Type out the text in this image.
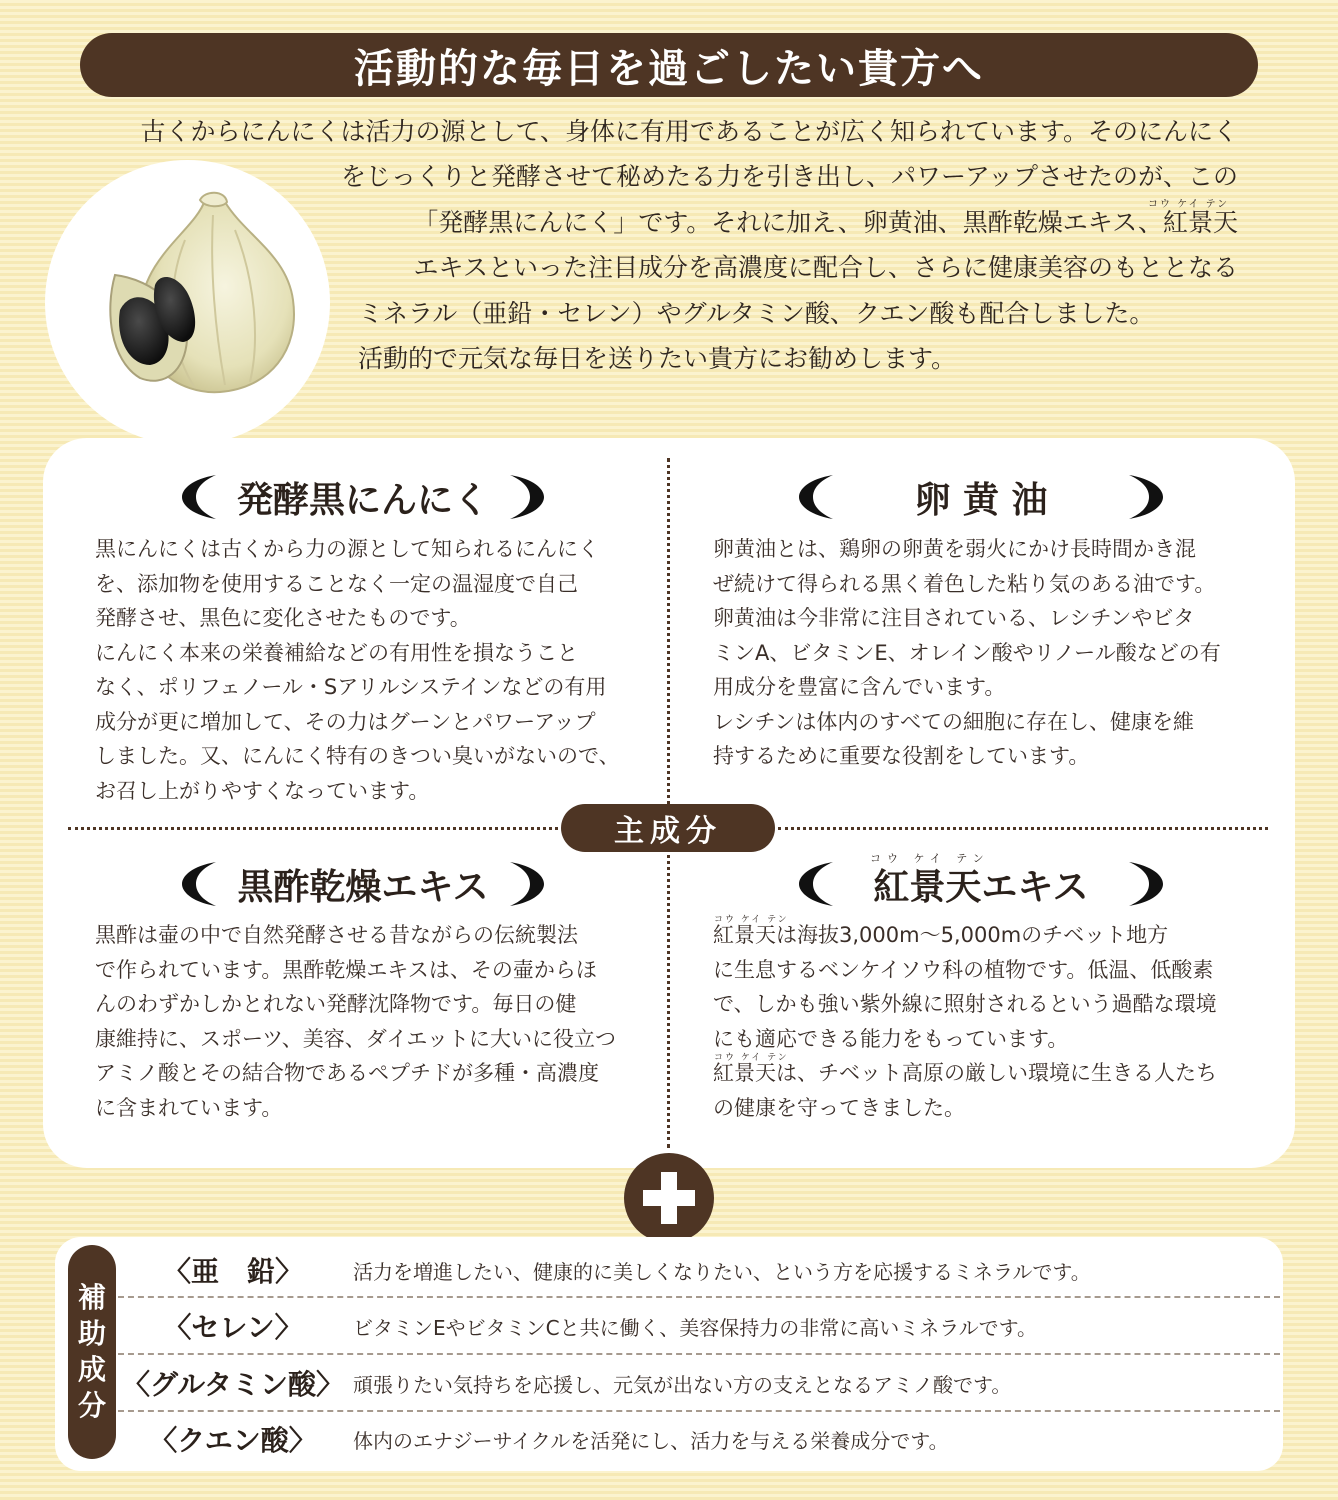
活動的な毎日を過ごしたい貴方へ
古くからにんにくは活力の源として、身体に有用であることが広く知られています。そのにんにく
をじっくりと発酵させて秘めたる力を引き出し、パワーアップさせたのが、この
コウ ケイ テン
「発酵黒にんにく」です。それに加え、卵黄油、黒酢乾燥エキス、紅景天
エキスといった注目成分を高濃度に配合し、さらに健康美容のもととなる
ミネラル（亜鉛・セレン）やグルタミン酸、クエン酸も配合しました。
活動的で元気な毎日を送りたい貴方にお勧めします。
主成分
発酵黒にんにく
黒にんにくは古くから力の源として知られるにんにく
を、添加物を使用することなく一定の温湿度で自己
発酵させ、黒色に変化させたものです。
にんにく本来の栄養補給などの有用性を損なうこと
なく、ポリフェノール・Sアリルシステインなどの有用
成分が更に増加して、その力はグーンとパワーアップ
しました。又、にんにく特有のきつい臭いがないので、
お召し上がりやすくなっています。
卵 黄 油
卵黄油とは、鶏卵の卵黄を弱火にかけ長時間かき混
ぜ続けて得られる黒く着色した粘り気のある油です。
卵黄油は今非常に注目されている、レシチンやビタ
ミンA、ビタミンE、オレイン酸やリノール酸などの有
用成分を豊富に含んでいます。
レシチンは体内のすべての細胞に存在し、健康を維
持するために重要な役割をしています。
黒酢乾燥エキス
黒酢は壷の中で自然発酵させる昔ながらの伝統製法
で作られています。黒酢乾燥エキスは、その壷からほ
んのわずかしかとれない発酵沈降物です。毎日の健
康維持に、スポーツ、美容、ダイエットに大いに役立つ
アミノ酸とその結合物であるペプチドが多種・高濃度
に含まれています。
コウ ケイ テン
紅景天エキス
コウ ケイ テン
コウ ケイ テン
紅景天は海抜3,000m～5,000mのチベット地方
に生息するベンケイソウ科の植物です。低温、低酸素
で、しかも強い紫外線に照射されるという過酷な環境
にも適応できる能力をもっています。
紅景天は、チベット高原の厳しい環境に生きる人たち
の健康を守ってきました。
補
助
成
分
〈亜　鉛〉	活力を増進したい、健康的に美しくなりたい、という方を応援するミネラルです。
〈セレン〉	ビタミンEやビタミンCと共に働く、美容保持力の非常に高いミネラルです。
〈グルタミン酸〉 頑張りたい気持ちを応援し、元気が出ない方の支えとなるアミノ酸です。
〈クエン酸〉	体内のエナジーサイクルを活発にし、活力を与える栄養成分です。
